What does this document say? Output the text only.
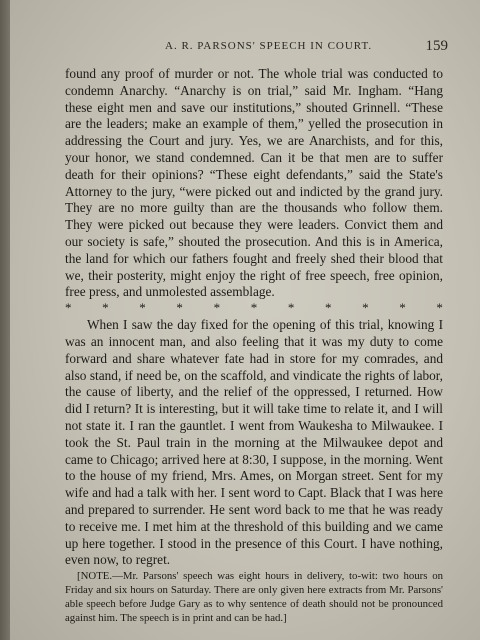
A. R. PARSONS' SPEECH IN COURT.	159

found any proof of murder or not. The whole trial was conducted to condemn Anarchy. “Anarchy is on trial,” said Mr. Ingham. “Hang these eight men and save our institutions,” shouted Grinnell. “These are the leaders; make an example of them,” yelled the prosecution in addressing the Court and jury. Yes, we are Anarchists, and for this, your honor, we stand condemned. Can it be that men are to suffer death for their opinions? “These eight defendants,” said the State's Attorney to the jury, “were picked out and indicted by the grand jury. They are no more guilty than are the thousands who follow them. They were picked out because they were leaders. Convict them and our society is safe,” shouted the prosecution. And this is in America, the land for which our fathers fought and freely shed their blood that we, their posterity, might enjoy the right of free speech, free opinion, free press, and unmolested assemblage.

* * * * * * * * * * *

When I saw the day fixed for the opening of this trial, knowing I was an innocent man, and also feeling that it was my duty to come forward and share whatever fate had in store for my comrades, and also stand, if need be, on the scaffold, and vindicate the rights of labor, the cause of liberty, and the relief of the oppressed, I returned. How did I return? It is interesting, but it will take time to relate it, and I will not state it. I ran the gauntlet. I went from Waukesha to Milwaukee. I took the St. Paul train in the morning at the Milwaukee depot and came to Chicago; arrived here at 8:30, I suppose, in the morning. Went to the house of my friend, Mrs. Ames, on Morgan street. Sent for my wife and had a talk with her. I sent word to Capt. Black that I was here and prepared to surrender. He sent word back to me that he was ready to receive me. I met him at the threshold of this building and we came up here together. I stood in the presence of this Court. I have nothing, even now, to regret.

[NOTE.—Mr. Parsons' speech was eight hours in delivery, to-wit: two hours on Friday and six hours on Saturday. There are only given here extracts from Mr. Parsons' able speech before Judge Gary as to why sentence of death should not be pronounced against him. The speech is in print and can be had.]
